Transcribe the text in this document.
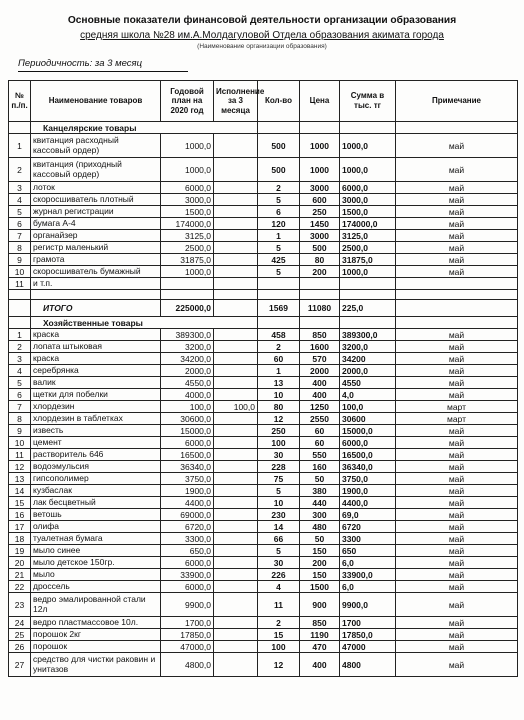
Основные показатели финансовой деятельности организации образования
средняя школа №28 им.А.Молдагуловой Отдела образования акимата города
(Наименование организации образования)
Периодичность: за 3 месяц
№ п./п.	Наименование товаров	Годовой план на 2020 год	Исполнение за 3 месяца	Кол-во	Цена	Сумма в тыс. тг	Примечание
	Канцелярские товары						
1	квитанция расходный кассовый ордер)	1000,0		500	1000	1000,0	май
2	квитанция (приходный кассовый ордер)	1000,0		500	1000	1000,0	май
3	лоток	6000,0		2	3000	6000,0	май
4	скоросшиватель плотный	3000,0		5	600	3000,0	май
5	журнал регистрации	1500,0		6	250	1500,0	май
6	бумага А-4	174000,0		120	1450	174000,0	май
7	органайзер	3125,0		1	3000	3125,0	май
8	регистр маленький	2500,0		5	500	2500,0	май
9	грамота	31875,0		425	80	31875,0	май
10	скоросшиватель бумажный	1000,0		5	200	1000,0	май
11	и т.п.						

	ИТОГО	225000,0		1569	11080	225,0	
	Хозяйственные товары						
1	краска	389300,0		458	850	389300,0	май
2	лопата штыковая	3200,0		2	1600	3200,0	май
3	краска	34200,0		60	570	34200	май
4	серебрянка	2000,0		1	2000	2000,0	май
5	валик	4550,0		13	400	4550	май
6	щетки для побелки	4000,0		10	400	4,0	май
7	хлордезин	100,0	100,0	80	1250	100,0	март
8	хлордезин в таблетках	30600,0		12	2550	30600	март
9	известь	15000,0		250	60	15000,0	май
10	цемент	6000,0		100	60	6000,0	май
11	растворитель 646	16500,0		30	550	16500,0	май
12	водоэмульсия	36340,0		228	160	36340,0	май
13	гипсополимер	3750,0		75	50	3750,0	май
14	кузбаслак	1900,0		5	380	1900,0	май
15	лак бесцветный	4400,0		10	440	4400,0	май
16	ветошь	69000,0		230	300	69,0	май
17	олифа	6720,0		14	480	6720	май
18	туалетная бумага	3300,0		66	50	3300	май
19	мыло синее	650,0		5	150	650	май
20	мыло детское 150гр.	6000,0		30	200	6,0	май
21	мыло	33900,0		226	150	33900,0	май
22	дроссель	6000,0		4	1500	6,0	май
23	ведро эмалированной стали 12л	9900,0		11	900	9900,0	май
24	ведро пластмассовое 10л.	1700,0		2	850	1700	май
25	порошок 2кг	17850,0		15	1190	17850,0	май
26	порошок	47000,0		100	470	47000	май
27	средство для чистки раковин и унитазов	4800,0		12	400	4800	май
